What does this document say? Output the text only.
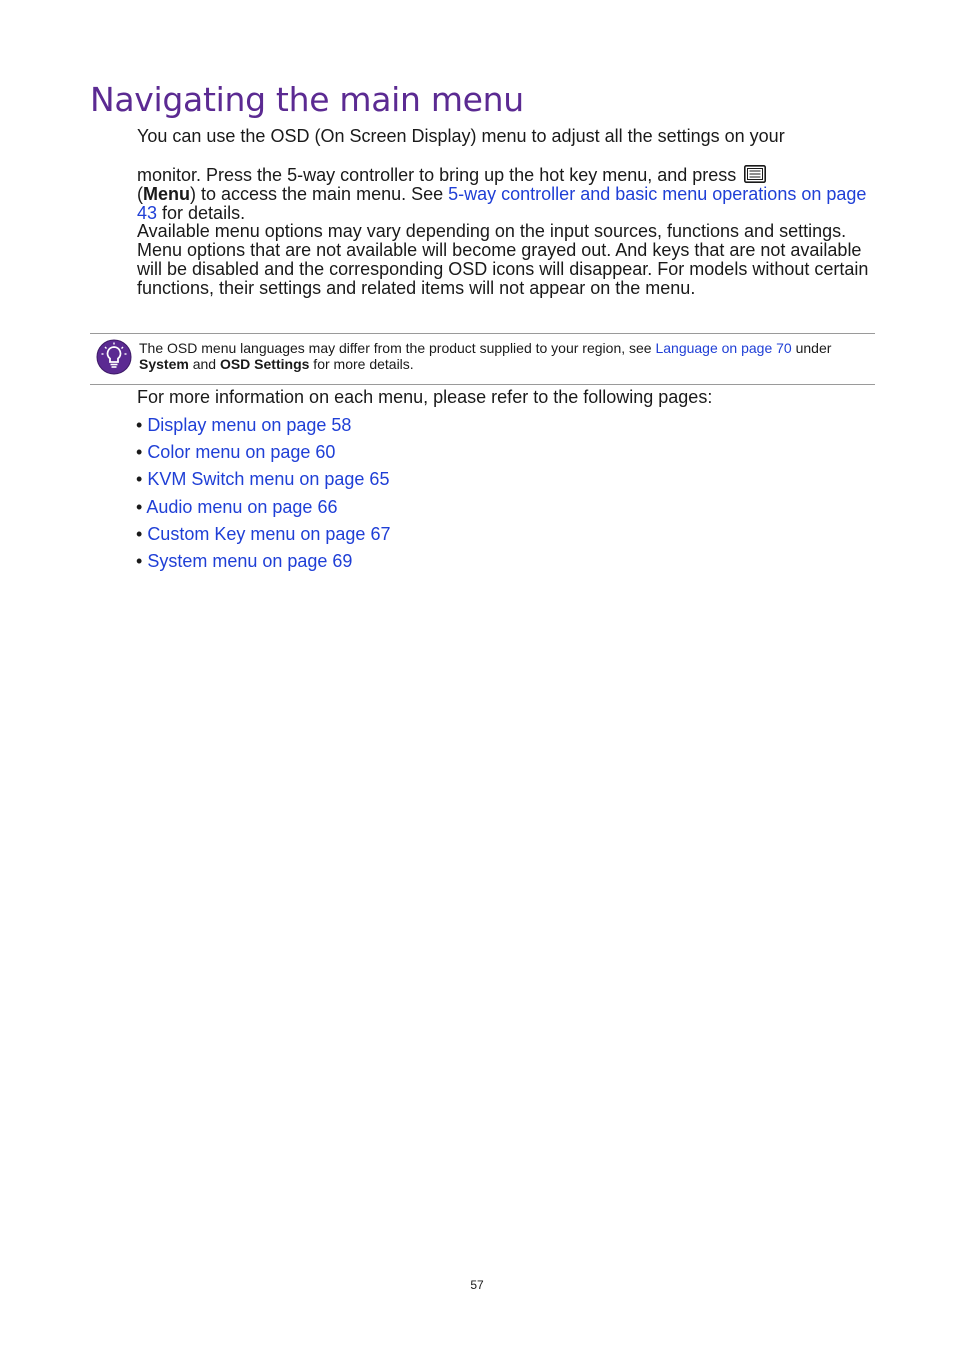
Navigating the main menu

You can use the OSD (On Screen Display) menu to adjust all the settings on your

monitor. Press the 5-way controller to bring up the hot key menu, and press
(Menu) to access the main menu. See 5-way controller and basic menu operations on page 43 for details.

Available menu options may vary depending on the input sources, functions and settings. Menu options that are not available will become grayed out. And keys that are not available will be disabled and the corresponding OSD icons will disappear. For models without certain functions, their settings and related items will not appear on the menu.

The OSD menu languages may differ from the product supplied to your region, see Language on page 70 under System and OSD Settings for more details.

For more information on each menu, please refer to the following pages:

• Display menu on page 58
• Color menu on page 60
• KVM Switch menu on page 65
• Audio menu on page 66
• Custom Key menu on page 67
• System menu on page 69
57
